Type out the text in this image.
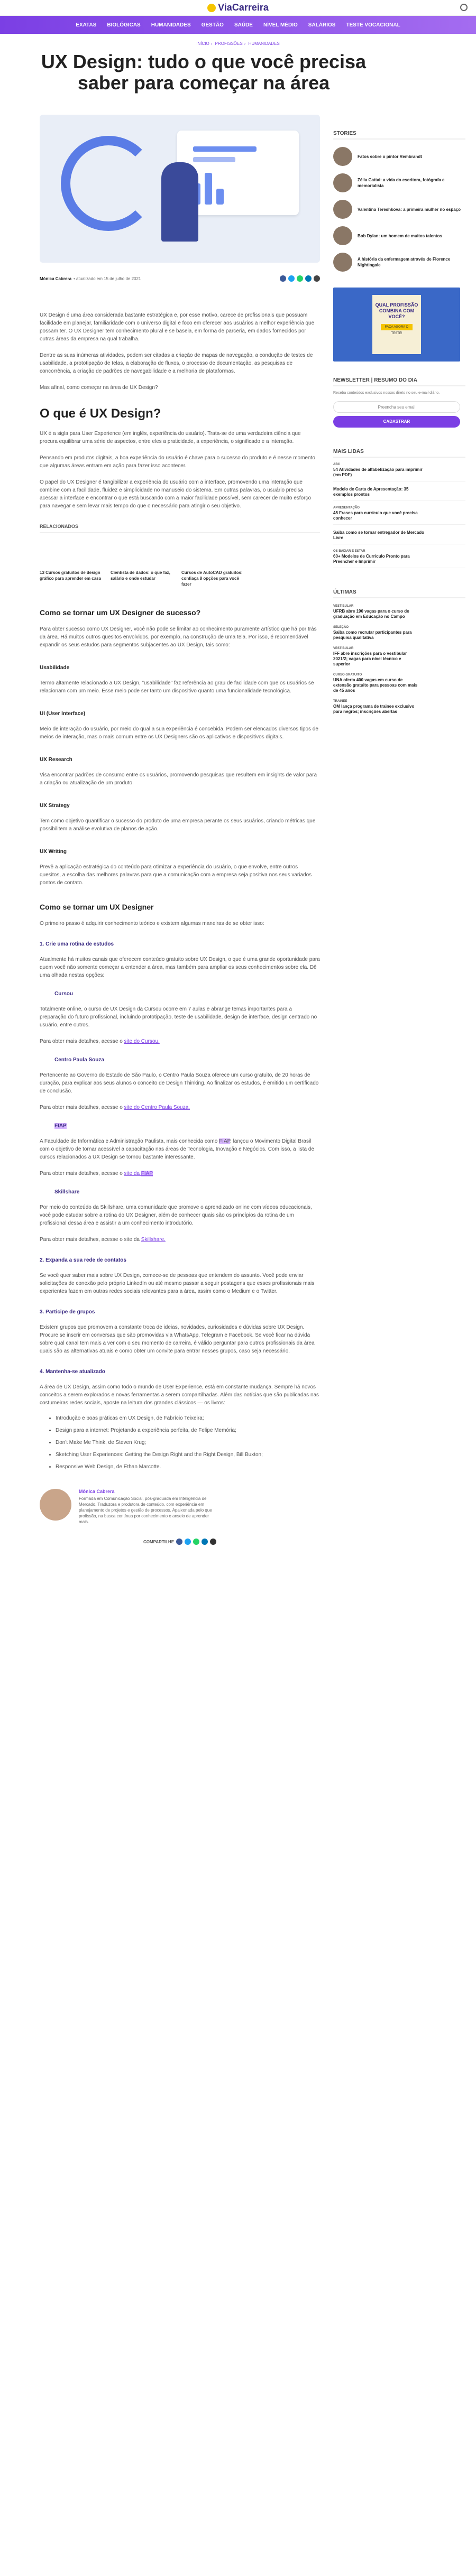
ViaCarreira
EXATAS BIOLÓGICAS HUMANIDADES GESTÃO SAÚDE NÍVEL MÉDIO SALÁRIOS TESTE VOCACIONAL
INÍCIO › PROFISSÕES › HUMANIDADES
UX Design: tudo o que você precisa saber para começar na área
Mônica Cabrera • atualizado em 15 de julho de 2021

UX Design é uma área considerada bastante estratégica e, por esse motivo, carece de profissionais que possuam facilidade em planejar, familiaridade com o universo digital e foco em oferecer aos usuários a melhor experiência que possam ter. O UX Designer tem conhecimento plural e se baseia, em forma de parceria, em dados fornecidos por outras áreas da empresa na qual trabalha.

Dentre as suas inúmeras atividades, podem ser citadas a criação de mapas de navegação, a condução de testes de usabilidade, a prototipação de telas, a elaboração de fluxos, o processo de documentação, as pesquisas de concorrência, a criação de padrões de navegabilidade e a melhoria de plataformas.

Mas afinal, como começar na área de UX Design?

O que é UX Design?

UX é a sigla para User Experience (em inglês, experiência do usuário). Trata-se de uma verdadeira ciência que procura equilibrar uma série de aspectos, entre eles a praticidade, a experiência, o significado e a interação.

Pensando em produtos digitais, a boa experiência do usuário é chave para o sucesso do produto e é nesse momento que algumas áreas entram em ação para fazer isso acontecer.

O papel do UX Designer é tangibilizar a experiência do usuário com a interface, promovendo uma interação que combine com a facilidade, fluidez e simplicidade no manuseio do sistema. Em outras palavras, o usuário precisa acessar a interface e encontrar o que está buscando com a maior facilidade possível, sem carecer de muito esforço para navegar e sem levar mais tempo do que o necessário para atingir o seu objetivo.

RELACIONADOS
13 Cursos gratuitos de design gráfico para aprender em casa
Cientista de dados: o que faz, salário e onde estudar
Cursos de AutoCAD gratuitos: confiaça 8 opções para você fazer
Como se tornar um UX Designer de sucesso?

Para obter sucesso como UX Designer, você não pode se limitar ao conhecimento puramente artístico que há por trás da área. Há muitos outros quesitos envolvidos, por exemplo, na construção de uma tela. Por isso, é recomendável expandir os seus estudos para segmentos subjacentes ao UX Design, tais como:

Usabilidade

Termo altamente relacionado a UX Design, "usabilidade" faz referência ao grau de facilidade com que os usuários se relacionam com um meio. Esse meio pode ser tanto um dispositivo quanto uma funcionalidade tecnológica.

UI (User Interface)

Meio de interação do usuário, por meio do qual a sua experiência é concebida. Podem ser elencados diversos tipos de meios de interação, mas o mais comum entre os UX Designers são os aplicativos e dispositivos digitais.

UX Research

Visa encontrar padrões de consumo entre os usuários, promovendo pesquisas que resultem em insights de valor para a criação ou atualização de um produto.

UX Strategy

Tem como objetivo quantificar o sucesso do produto de uma empresa perante os seus usuários, criando métricas que possibilitem a análise evolutiva de planos de ação.

UX Writing

Prevê a aplicação estratégica do conteúdo para otimizar a experiência do usuário, o que envolve, entre outros quesitos, a escolha das melhores palavras para que a comunicação com a empresa seja positiva nos seus variados pontos de contato.

Como se tornar um UX Designer

O primeiro passo é adquirir conhecimento teórico e existem algumas maneiras de se obter isso:

1. Crie uma rotina de estudos

Atualmente há muitos canais que oferecem conteúdo gratuito sobre UX Design, o que é uma grande oportunidade para quem você não somente começar a entender a área, mas também para ampliar os seus conhecimentos sobre ela. Dê uma olhada nestas opções:

Cursou

Totalmente online, o curso de UX Design da Cursou ocorre em 7 aulas e abrange temas importantes para a preparação do futuro profissional, incluindo prototipação, teste de usabilidade, design de interface, design centrado no usuário, entre outros.

Para obter mais detalhes, acesse o site do Cursou.

Centro Paula Souza

Pertencente ao Governo do Estado de São Paulo, o Centro Paula Souza oferece um curso gratuito, de 20 horas de duração, para explicar aos seus alunos o conceito de Design Thinking. Ao finalizar os estudos, é emitido um certificado de conclusão.

Para obter mais detalhes, acesse o site do Centro Paula Souza.

FIAP

A Faculdade de Informática e Administração Paulista, mais conhecida como FIAP, lançou o Movimento Digital Brasil com o objetivo de tornar acessível a capacitação nas áreas de Tecnologia, Inovação e Negócios. Com isso, a lista de cursos relacionados a UX Design se tornou bastante interessante.

Para obter mais detalhes, acesse o site da FIAP

Skillshare

Por meio do conteúdo da Skillshare, uma comunidade que promove o aprendizado online com vídeos educacionais, você pode estudar sobre a rotina do UX Designer, além de conhecer quais são os princípios da rotina de um profissional dessa área e assistir a um conhecimento introdutório.

Para obter mais detalhes, acesse o site da Skillshare.

2. Expanda a sua rede de contatos

Se você quer saber mais sobre UX Design, comece-se de pessoas que entendem do assunto. Você pode enviar solicitações de conexão pelo próprio LinkedIn ou até mesmo passar a seguir postagens que esses profissionais mais experientes fazem em outras redes sociais relevantes para a área, assim como o Medium e o Twitter.

3. Participe de grupos

Existem grupos que promovem a constante troca de ideias, novidades, curiosidades e dúvidas sobre UX Design. Procure se inscrir em conversas que são promovidas via WhatsApp, Telegram e Facebook. Se você ficar na dúvida sobre qual canal tem mais a ver com o seu momento de carreira, é válido perguntar para outros profissionais da área quais são as alternativas atuais e como obter um convite para entrar nesses grupos, caso seja necessário.

4. Mantenha-se atualizado

A área de UX Design, assim como todo o mundo de User Experience, está em constante mudança. Sempre há novos conceitos a serem explorados e novas ferramentas a serem compartilhadas. Além das notícias que são publicadas nas costumeiras redes sociais, aposte na leitura dos grandes clássicos — os livros:

• Introdução e boas práticas em UX Design, de Fabrício Teixeira;
• Design para a internet: Projetando a experiência perfeita, de Felipe Memória;
• Don't Make Me Think, de Steven Krug;
• Sketching User Experiences: Getting the Design Right and the Right Design, Bill Buxton;
• Responsive Web Design, de Ethan Marcotte.
Mônica Cabrera
Formada em Comunicação Social, pós-graduada em Inteligência de Mercado. Traduzora e produtora de conteúdo, com experiência em planejamento de projetos e gestão de processos. Apaixonada pelo que profissão, na busca contínua por conhecimento e anseio de aprender mais.
COMPARTILHE
STORIES
Fatos sobre o pintor Rembrandt
Zélia Gattai: a vida do escritora, fotógrafa e memorialista
Valentina Tereshkova: a primeira mulher no espaço
Bob Dylan: um homem de muitos talentos
A história da enfermagem através de Florence Nightingale

QUAL PROFISSÃO COMBINA COM VOCÊ?

FAÇA AGORA O TESTE!
NEWSLETTER | RESUMO DO DIA
Receba conteúdos exclusivos nossos direto no seu e-mail diário.
Preencha seu email
CADASTRAR
MAIS LIDAS
ABC
54 Atividades de alfabetização para imprimir (em PDF)
Modelo de Carta de Apresentação: 35 exemplos prontos
APRESENTAÇÃO
45 Frases para currículo que você precisa conhecer
Saiba como se tornar entregador de Mercado Livre
OS BAIXAR E ESTAR
60+ Modelos de Currículo Pronto para Preencher e Imprimir
ÚLTIMAS
VESTIBULAR
UFRB abre 190 vagas para o curso de graduação em Educação no Campo
SELEÇÃO
Saiba como recrutar participantes para pesquisa qualitativa
VESTIBULAR
IFF abre inscrições para o vestibular 2021/2; vagas para nível técnico e superior
CURSO GRATUITO
UNA oferta 400 vagas em curso de extensão gratuito para pessoas com mais de 45 anos
TRAINEE
OM lança programa de trainee exclusivo para negros; inscrições abertas
